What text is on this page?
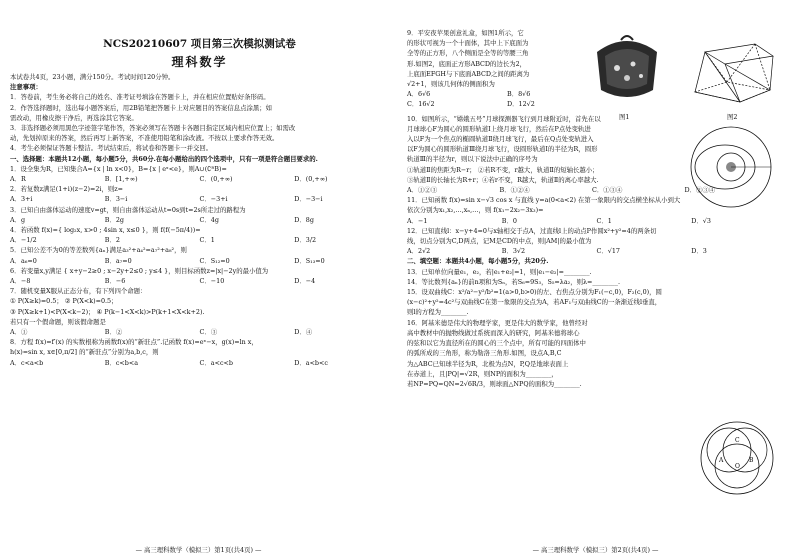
NCS20210607 项目第三次模拟测试卷
理科数学
本试卷共4页，23小题，满分150分。考试时间120分钟。
注意事项：
1．答卷前，考生务必将自己的姓名、准考证号填涂在答题卡上，并在相应位置贴好条形码。
2．作答选择题时，选出每小题答案后，用2B铅笔把答题卡上对应题目的答案信息点涂黑；如
需改动，用橡皮擦干净后，再选涂其它答案。
3．非选择题必须用黑色字迹签字笔作答，答案必须写在答题卡各题目指定区域内相应位置上；如需改
动，先划掉原来的答案，然后再写上新答案，不准使用铅笔和涂改液。不按以上要求作答无效。
4．考生必须保证答题卡整洁。考试结束后，将试卷和答题卡一并交回。
一、选择题：本题共12小题，每小题5分，共60分.在每小题给出的四个选项中，只有一项是符合题目要求的.
1．设全集为R，已知集合A={x | ln x<0}，B={x | eˣ<e}，则A∪(∁ᴿB)=
A．R	B．[1,+∞)	C．(0,+∞)	D．(0,+∞)
2．若复数z满足(1+i)(z−2)=2i，则z=
A．3+i	B．3−i	C．−3+i	D．−3−i
3．已知自由落体运动的速度v=gt，则自由落体运动从t=0s到t=2s所走过的路程为
A．g	B．2g	C．4g	D．8g
4．若函数 f(x)={ log₂x, x>0 ; 4sin x, x≤0 }，则 f(f(−5π/4))=
A．−1/2	B．2	C．1	D．3/2
5．已知公差不为0的等差数列{aₙ}满足a₃²+a₄²=a₇²+a₈²，则
A．a₆=0	B．a₇=0	C．S₁₂=0	D．S₁₃=0
6．若变量x,y满足 { x+y−2≥0 ; x−2y+2≤0 ; y≤4 }，则目标函数z=|x|−2y的最小值为
A．−8	B．−6	C．−10	D．−4
7．随机变量X服从正态分布，有下列四个命题：
① P(X≥k)=0.5； ② P(X<k)=0.5；
③ P(X≥k+1)<P(X<k−2)； ④ P(k−1<X<k)>P(k+1<X<k+2).
若只有一个假命题，则该假命题是
A．①	B．②	C．③	D．④
8．方程 f(x)=f′(x) 的实数根称为函数f(x)的“新驻点”.记函数 f(x)=eˣ−x，g(x)=ln x，
h(x)=sin x, x∈[0,π/2] 的“新驻点”分别为a,b,c，则
A．c<a<b	B．c<b<a	C．a<c<b	D．a<b<c
— 高三理科数学（模拟三）第1页(共4页) —
9．平安夜苹果创意礼盒，如图1所示，它
的形状可视为一个十面体，其中上下底面为
全等的正方形，八个侧面是全等的等腰三角
形.如图2，底面正方形ABCD的边长为2，
上底面EFGH与下底面ABCD之间的距离为
√2+1，则该几何体的侧面积为
A．6√6	B．8√6
C．16√2	D．12√2
图1	图2
10．如图所示，“嫦娥五号”月球探测器飞行到月球附近时，首先在以
月球球心F为圆心的圆形轨道Ⅰ上绕月球飞行，然后在P点处变轨进
入以F为一个焦点的椭圆轨道Ⅱ绕月球飞行，最后在Q点处变轨进入
以F为圆心的圆形轨道Ⅲ绕月球飞行，设圆形轨道Ⅰ的半径为R，圆形
轨道Ⅲ的半径为r，则以下说法中正确的序号为
①轨道Ⅱ的焦距为R−r； ②若R不变，r越大，轨道Ⅱ的短轴长越小；
③轨道Ⅱ的长轴长为R+r；④若r不变，R越大，轨道Ⅱ的离心率越大.
A．①②③	B．①②④	C．①③④	D．②③④
11．已知函数 f(x)=sin x−√3 cos x 与直线 y=a(0<a<2) 在第一象限内的交点横坐标从小到大
依次分别为x₁,x₂,…,xₙ,…，则 f(x₁−2x₂−3x₃)=
A．−1	B．0	C．1	D．√3
12．已知直线l：x−y+4=0与x轴相交于点A，过直线l上的动点P作圆x²+y²=4的两条切
线，切点分别为C,D两点，记M是CD的中点，则|AM|的最小值为
A．2√2	B．3√2	C．√17	D．3
二、填空题：本题共4小题，每小题5分，共20分.
13．已知单位向量e₁，e₂，若|e₁+e₂|=1，则|e₁−e₂|=________.
14．等比数列{aₙ}的前n项和为Sₙ，若S₆=9S₃，S₅=λa₂，则λ=________.
15．设双曲线C：x²/a²−y²/b²=1(a>0,b>0)的左、右焦点分别为F₁(−c,0)，F₂(c,0)，圆
(x−c)²+y²=4c²与双曲线C在第一象限的交点为A，若AF₁与双曲线C的一条渐近线l垂直，
则l的方程为________.
16．阿基米德是伟大的物理学家，更是伟大的数学家，他曾经对
高中教材中的抛物线做过系统而深入的研究，阿基米德将球心
的弦和以它为直径所在的圆心的三个点中，所有可能的四面体中
的弧所成的三角形，称为勒洛三角形.如图，设点A,B,C
为△ABC已知球半径为R，北极为点N，P,Q是地球表面上
在赤道上，且|PQ|=√2R，则NP的面积为________，
若NP=PQ=QN=2√6R/3，则球面△NPQ的面积为________.
C
A	B
O
— 高三理科数学（模拟三）第2页(共4页) —
